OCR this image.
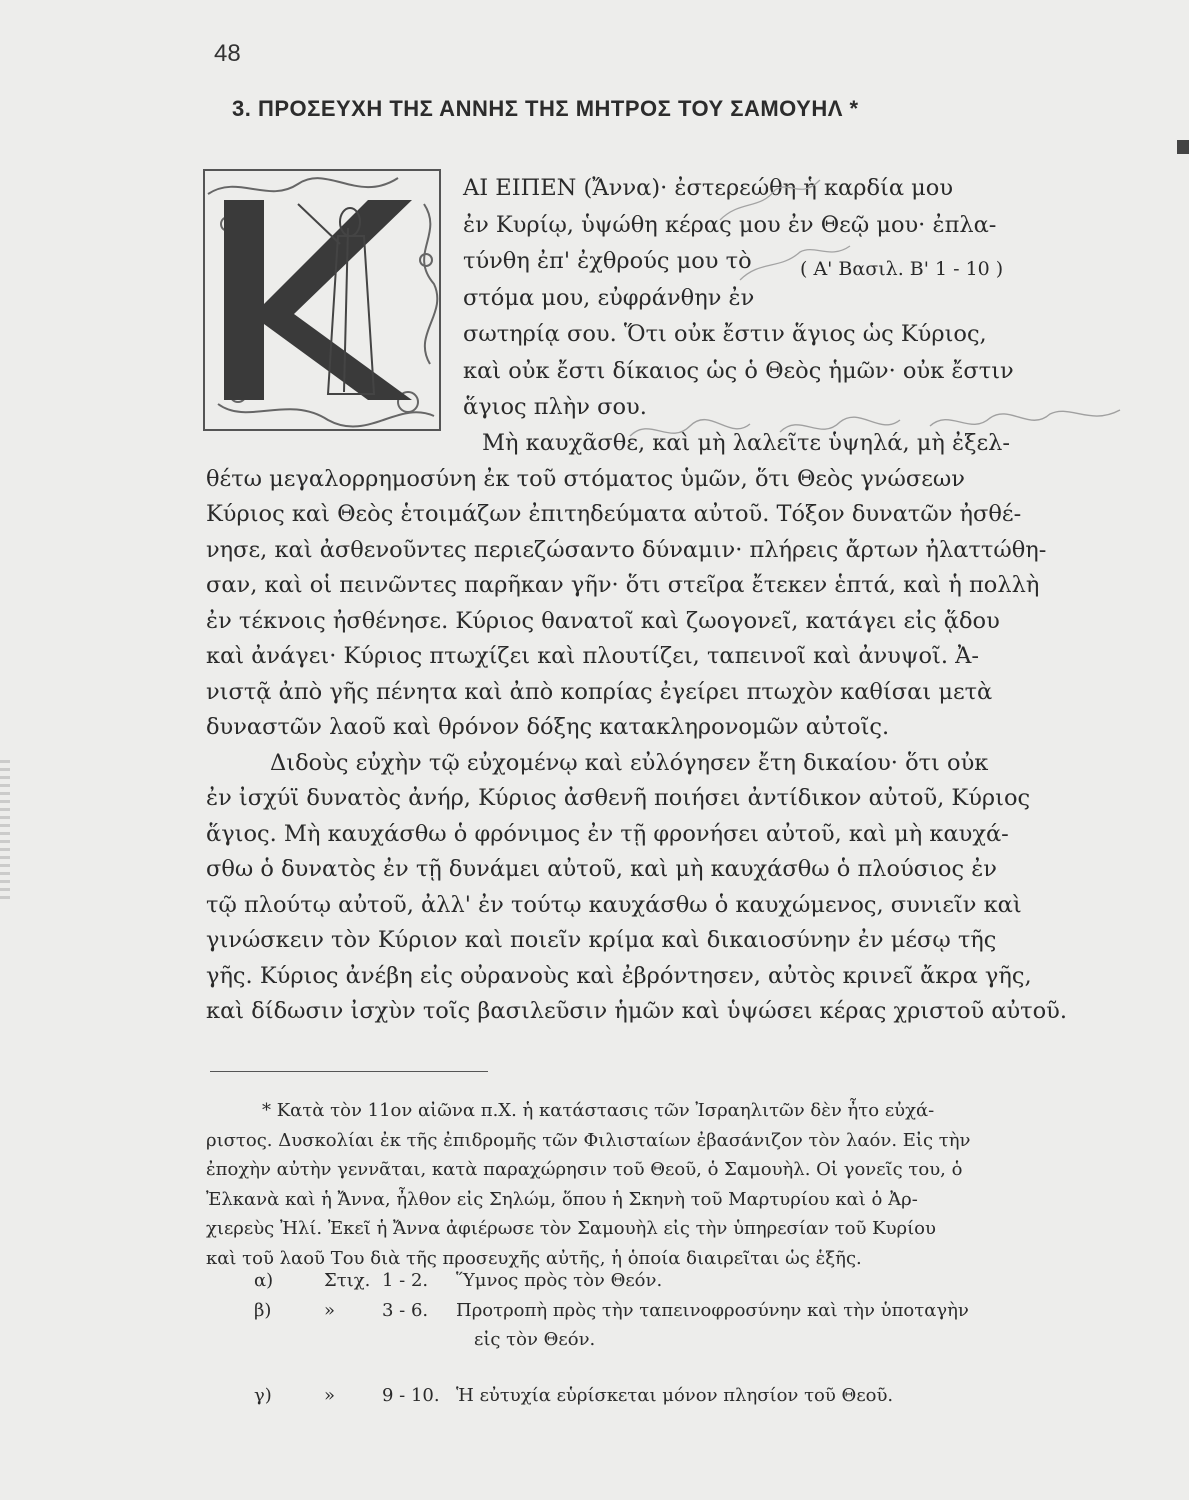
48
3. ΠΡΟΣΕΥΧΗ ΤΗΣ ΑΝΝΗΣ ΤΗΣ ΜΗΤΡΟΣ ΤΟΥ ΣΑΜΟΥΗΛ *
ΑΙ ΕΙΠΕΝ (Ἄννα)· ἐστερεώθη ἡ καρδία μου
ἐν Κυρίῳ, ὑψώθη κέρας μου ἐν Θεῷ μου· ἐπλα-
τύνθη ἐπ' ἐχθρούς μου τὸ
στόμα μου, εὐφράνθην ἐν
σωτηρίᾳ σου. Ὅτι οὐκ ἔστιν ἅγιος ὡς Κύριος,
καὶ οὐκ ἔστι δίκαιος ὡς ὁ Θεὸς ἡμῶν· οὐκ ἔστιν
ἅγιος πλὴν σου.
( Α' Βασιλ. Β' 1 - 10 )
Μὴ καυχᾶσθε, καὶ μὴ λαλεῖτε ὑψηλά, μὴ ἐξελ-
θέτω μεγαλορρημοσύνη ἐκ τοῦ στόματος ὑμῶν, ὅτι Θεὸς γνώσεων
Κύριος καὶ Θεὸς ἑτοιμάζων ἐπιτηδεύματα αὐτοῦ. Τόξον δυνατῶν ἠσθέ-
νησε, καὶ ἀσθενοῦντες περιεζώσαντο δύναμιν· πλήρεις ἄρτων ἠλαττώθη-
σαν, καὶ οἱ πεινῶντες παρῆκαν γῆν· ὅτι στεῖρα ἔτεκεν ἑπτά, καὶ ἡ πολλὴ
ἐν τέκνοις ἠσθένησε. Κύριος θανατοῖ καὶ ζωογονεῖ, κατάγει εἰς ᾅδου
καὶ ἀνάγει· Κύριος πτωχίζει καὶ πλουτίζει, ταπεινοῖ καὶ ἀνυψοῖ. Ἀ-
νιστᾷ ἀπὸ γῆς πένητα καὶ ἀπὸ κοπρίας ἐγείρει πτωχὸν καθίσαι μετὰ
δυναστῶν λαοῦ καὶ θρόνον δόξης κατακληρονομῶν αὐτοῖς.
Διδοὺς εὐχὴν τῷ εὐχομένῳ καὶ εὐλόγησεν ἔτη δικαίου· ὅτι οὐκ
ἐν ἰσχύϊ δυνατὸς ἀνήρ, Κύριος ἀσθενῆ ποιήσει ἀντίδικον αὐτοῦ, Κύριος
ἅγιος. Μὴ καυχάσθω ὁ φρόνιμος ἐν τῇ φρονήσει αὐτοῦ, καὶ μὴ καυχά-
σθω ὁ δυνατὸς ἐν τῇ δυνάμει αὐτοῦ, καὶ μὴ καυχάσθω ὁ πλούσιος ἐν
τῷ πλούτῳ αὐτοῦ, ἀλλ' ἐν τούτῳ καυχάσθω ὁ καυχώμενος, συνιεῖν καὶ
γινώσκειν τὸν Κύριον καὶ ποιεῖν κρίμα καὶ δικαιοσύνην ἐν μέσῳ τῆς
γῆς. Κύριος ἀνέβη εἰς οὐρανοὺς καὶ ἐβρόντησεν, αὐτὸς κρινεῖ ἄκρα γῆς,
καὶ δίδωσιν ἰσχὺν τοῖς βασιλεῦσιν ἡμῶν καὶ ὑψώσει κέρας χριστοῦ αὐτοῦ.
* Κατὰ τὸν 11ον αἰῶνα π.Χ. ἡ κατάστασις τῶν Ἰσραηλιτῶν δὲν ἦτο εὐχά-
ριστος. Δυσκολίαι ἐκ τῆς ἐπιδρομῆς τῶν Φιλισταίων ἐβασάνιζον τὸν λαόν. Εἰς τὴν
ἐποχὴν αὐτὴν γεννᾶται, κατὰ παραχώρησιν τοῦ Θεοῦ, ὁ Σαμουὴλ. Οἱ γονεῖς του, ὁ
Ἐλκανὰ καὶ ἡ Ἄννα, ἦλθον εἰς Σηλώμ, ὅπου ἡ Σκηνὴ τοῦ Μαρτυρίου καὶ ὁ Ἀρ-
χιερεὺς Ἠλί. Ἐκεῖ ἡ Ἄννα ἀφιέρωσε τὸν Σαμουὴλ εἰς τὴν ὑπηρεσίαν τοῦ Κυρίου
καὶ τοῦ λαοῦ Του διὰ τῆς προσευχῆς αὐτῆς, ἡ ὁποία διαιρεῖται ὡς ἑξῆς.
α)	Στιχ. 1 - 2.	Ὕμνος πρὸς τὸν Θεόν.
β)	»	3 - 6.	Προτροπὴ πρὸς τὴν ταπεινοφροσύνην καὶ τὴν ὑποταγὴν
εἰς τὸν Θεόν.
γ)	»	9 - 10. Ἡ εὐτυχία εὑρίσκεται μόνον πλησίον τοῦ Θεοῦ.
